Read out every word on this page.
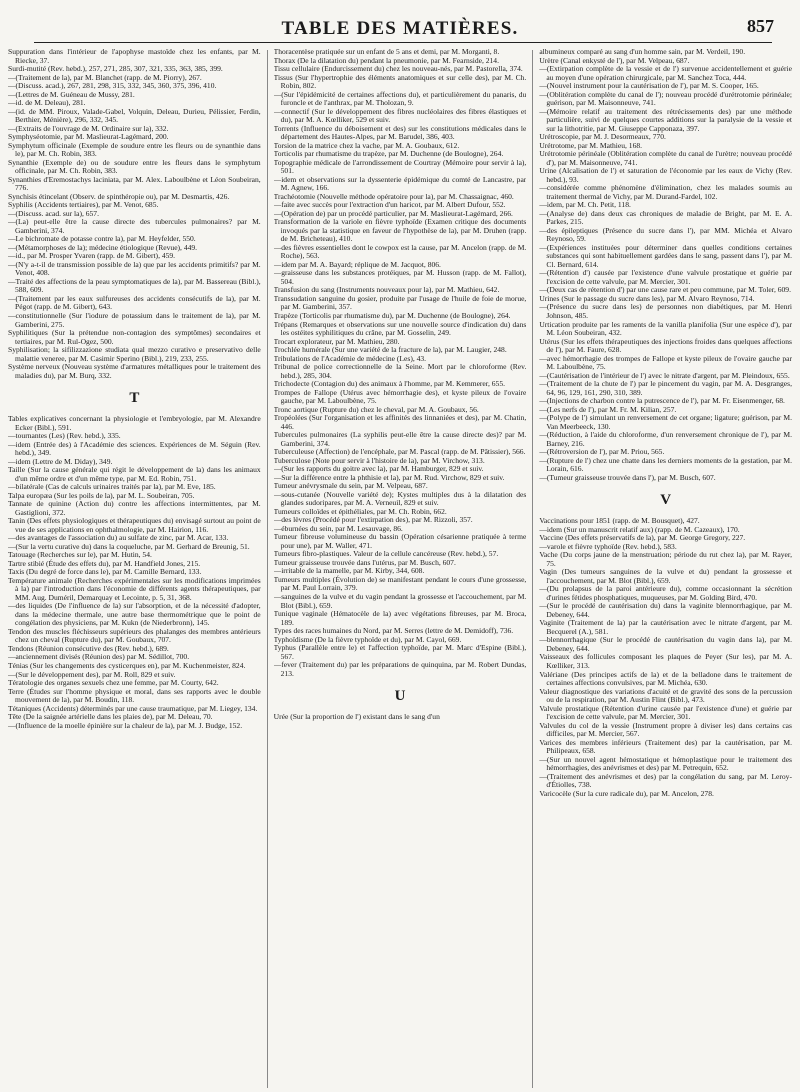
TABLE DES MATIÈRES.	857

Suppuration dans l'intérieur de l'apophyse mastoïde chez les enfants, par M. Riecke, 37.

Surdi-mutité (Rev. hebd.), 257, 271, 285, 307, 321, 335, 363, 385, 399.

—(Traitement de la), par M. Blanchet (rapp. de M. Piorry), 267.

—(Discuss. acad.), 267, 281, 298, 315, 332, 345, 360, 375, 396, 410.

—(Lettres de M. Guéneau de Mussy, 281.

—id. de M. Deleau), 281.

—(id. de MM. Piroux, Valade-Gabel, Volquin, Deleau, Durieu, Pélissier, Ferdin, Berthier, Ménière), 296, 332, 345.

—(Extraits de l'ouvrage de M. Ordinaire sur la), 332.

Symphyséotomie, par M. Maslieurat-Lagémard, 200.

Symphytum officinale (Exemple de soudure entre les fleurs ou de synanthie dans le), par M. Ch. Robin, 383.

Synanthie (Exemple de) ou de soudure entre les fleurs dans le symphytum officinale, par M. Ch. Robin, 383.

Synanthies d'Eremostachys laciniata, par M. Alex. Laboulbène et Léon Soubeiran, 776.

Synchisis étincelant (Observ. de spinthéropie ou), par M. Desmartis, 426.

Syphilis (Accidents tertiaires), par M. Venot, 685.

—(Discuss. acad. sur la), 657.

—(La) peut-elle être la cause directe des tubercules pulmonaires? par M. Gamberini, 374.

—Le bichromate de potasse contre la), par M. Heyfelder, 550.

—(Métamorphoses de la); médecine étiologique (Revue), 449.

—id., par M. Prosper Yvaren (rapp. de M. Gibert), 459.

—(N'y a-t-il de transmission possible de la) que par les accidents primitifs? par M. Venot, 408.

—Traité des affections de la peau symptomatiques de la), par M. Bassereau (Bibl.), 588, 609.

—(Traitement par les eaux sulfureuses des accidents consécutifs de la), par M. Pégot (rapp. de M. Gibert), 643.

—constitutionnelle (Sur l'iodure de potassium dans le traitement de la), par M. Gamberini, 275.

Syphilitiques (Sur la prétendue non-contagion des symptômes) secondaires et tertiaires, par M. Rul-Ogez, 500.

Syphilisation; la sifilizzazione studiata qual mezzo curativo e preservativo delle malattie veneree, par M. Casimir Sperino (Bibl.), 219, 233, 255.

Système nerveux (Nouveau système d'armatures métalliques pour le traitement des maladies du), par M. Burq, 332.

T

Tables explicatives concernant la physiologie et l'embryologie, par M. Alexandre Ecker (Bibl.), 591.

—tournantes (Les) (Rev. hebd.), 335.

—idem (Entrée des) à l'Académie des sciences. Expériences de M. Séguin (Rev. hebd.), 349.

—idem (Lettre de M. Diday), 349.

Taille (Sur la cause générale qui régit le développement de la) dans les animaux d'un même ordre et d'un même type, par M. Ed. Robin, 751.

—bilatérale (Cas de calculs urinaires traités par la), par M. Eve, 185.

Talpa europæa (Sur les poils de la), par M. L. Soubeiran, 705.

Tannate de quinine (Action du) contre les affections intermittentes, par M. Gastiglioni, 372.

Tanin (Des effets physiologiques et thérapeutiques du) envisagé surtout au point de vue de ses applications en ophthalmologie, par M. Hairion, 116.

—des avantages de l'association du) au sulfate de zinc, par M. Acar, 133.

—(Sur la vertu curative du) dans la coqueluche, par M. Gerhard de Breunig, 51.

Tatouage (Recherches sur le), par M. Hutin, 54.

Tartre stibié (Étude des effets du), par M. Handfield Jones, 215.

Taxis (Du degré de force dans le), par M. Camille Bernard, 133.

Température animale (Recherches expérimentales sur les modifications imprimées à la) par l'introduction dans l'économie de différents agents thérapeutiques, par MM. Aug. Duméril, Demarquay et Lecointe, p. 5, 31, 368.

—des liquides (De l'influence de la) sur l'absorption, et de la nécessité d'adopter, dans la médecine thermale, une autre base thermométrique que le point de congélation des physiciens, par M. Kukn (de Niederbronn), 145.

Tendon des muscles fléchisseurs supérieurs des phalanges des membres antérieurs chez un cheval (Rupture du), par M. Goubaux, 707.

Tendons (Réunion consécutive des (Rev. hebd.), 689.

—anciennement divisés (Réunion des) par M. Sédillot, 700.

Ténias (Sur les changements des cysticerques en), par M. Kuchenmeister, 824.

—(Sur le développement des), par M. Roll, 829 et suiv.

Tératologie des organes sexuels chez une femme, par M. Courty, 642.

Terre (Études sur l'homme physique et moral, dans ses rapports avec le double mouvement de la), par M. Boudin, 118.

Tétaniques (Accidents) déterminés par une cause traumatique, par M. Liegey, 134.

Tête (De la saignée artérielle dans les plaies de), par M. Deleau, 70.

—(Influence de la moelle épinière sur la chaleur de la), par M. J. Budge, 152.

Thoracentèse pratiquée sur un enfant de 5 ans et demi, par M. Morganti, 8.

Thorax (De la dilatation du) pendant la pneumonie, par M. Fearnside, 214.

Tissu cellulaire (Endurcissement du) chez les nouveau-nés, par M. Pastorella, 374.

Tissus (Sur l'hypertrophie des éléments anatomiques et sur celle des), par M. Ch. Robin, 802.

—(Sur l'épidémicité de certaines affections du), et particulièrement du panaris, du furoncle et de l'anthrax, par M. Tholozan, 9.

—connectif (Sur le développement des fibres nucléolaires des fibres élastiques et du), par M. A. Kœlliker, 529 et suiv.

Torrents (Influence du déboisement et des) sur les constitutions médicales dans le département des Hautes-Alpes, par M. Barudel, 386, 403.

Torsion de la matrice chez la vache, par M. A. Goubaux, 612.

Torticolis par rhumatisme du trapèze, par M. Duchenne (de Boulogne), 264.

Topographie médicale de l'arrondissement de Courtray (Mémoire pour servir à la), 501.

—idem et observations sur la dyssenterie épidémique du comté de Lancastre, par M. Agnew, 166.

Trachéotomie (Nouvelle méthode opératoire pour la), par M. Chassaignac, 460.

—faite avec succès pour l'extraction d'un haricot, par M. Albert Dufour, 552.

—(Opération de) par un procédé particulier, par M. Maslieurat-Lagémard, 266.

Transformation de la variole en fièvre typhoïde (Examen critique des documents invoqués par la statistique en faveur de l'hypothèse de la), par M. Druhen (rapp. de M. Bricheteau), 410.

—des fièvres essentielles dont le cowpox est la cause, par M. Ancelon (rapp. de M. Roche), 563.

—idem par M. A. Bayard; réplique de M. Jacquot, 806.

—graisseuse dans les substances protéiques, par M. Husson (rapp. de M. Fallot), 504.

Transfusion du sang (Instruments nouveaux pour la), par M. Mathieu, 642.

Transsudation sanguine du gosier, produite par l'usage de l'huile de foie de morue, par M. Gamberini, 357.

Trapèze (Torticolis par rhumatisme du), par M. Duchenne (de Boulogne), 264.

Trépans (Remarques et observations sur une nouvelle source d'indication du) dans les ostéites syphilitiques du crâne, par M. Gosselin, 249.

Trocart explorateur, par M. Mathieu, 280.

Trochlée humérale (Sur une variété de la fracture de la), par M. Laugier, 248.

Tribulations de l'Académie de médecine (Les), 43.

Tribunal de police correctionnelle de la Seine. Mort par le chloroforme (Rev. hebd.), 285, 304.

Trichodecte (Contagion du) des animaux à l'homme, par M. Kemmerer, 655.

Trompes de Fallope (Utérus avec hémorrhagie des), et kyste pileux de l'ovaire gauche, par M. Laboulbène, 75.

Tronc aortique (Rupture du) chez le cheval, par M. A. Goubaux, 56.

Tropéolées (Sur l'organisation et les affinités des linnaniées et des), par M. Chatin, 446.

Tubercules pulmonaires (La syphilis peut-elle être la cause directe des)? par M. Gamberini, 374.

Tuberculeuse (Affection) de l'encéphale, par M. Pascal (rapp. de M. Pâtissier), 566.

Tuberculose (Note pour servir à l'histoire de la), par M. Virchow, 313.

—(Sur les rapports du goitre avec la), par M. Hamburger, 829 et suiv.

—Sur la différence entre la phthisie et la), par M. Rud. Virchow, 829 et suiv.

Tumeur anévrysmale du sein, par M. Velpeau, 687.

—sous-cutanée (Nouvelle variété de); Kystes multiples dus à la dilatation des glandes sudoripares, par M. A. Verneuil, 829 et suiv.

Tumeurs colloïdes et épithéliales, par M. Ch. Robin, 662.

—des lèvres (Procédé pour l'extirpation des), par M. Rizzoli, 357.

—éburnées du sein, par M. Lesauvage, 86.

Tumeur fibreuse volumineuse du bassin (Opération césarienne pratiquée à terme pour une), par M. Waller, 471.

Tumeurs fibro-plastiques. Valeur de la cellule cancéreuse (Rev. hebd.), 57.

Tumeur graisseuse trouvée dans l'utérus, par M. Busch, 607.

—irritable de la mamelle, par M. Kirby, 344, 608.

Tumeurs multiples (Évolution de) se manifestant pendant le cours d'une grossesse, par M. Paul Lorrain, 379.

—sanguines de la vulve et du vagin pendant la grossesse et l'accouchement, par M. Blot (Bibl.), 659.

Tunique vaginale (Hématocèle de la) avec végétations fibreuses, par M. Broca, 189.

Types des races humaines du Nord, par M. Serres (lettre de M. Demidoff), 736.

Typhoïdisme (De la fièvre typhoïde et du), par M. Cayol, 669.

Typhus (Parallèle entre le) et l'affection typhoïde, par M. Marc d'Espine (Bibl.), 567.

—fever (Traitement du) par les préparations de quinquina, par M. Robert Dundas, 213.

U

Urée (Sur la proportion de l') existant dans le sang d'un

albumineux comparé au sang d'un homme sain, par M. Verdeil, 190.

Urètre (Canal enkysté de l'), par M. Velpeau, 687.

—(Extirpation complète de la vessie et de l') survenue accidentellement et guérie au moyen d'une opération chirurgicale, par M. Sanchez Toca, 444.

—(Nouvel instrument pour la cautérisation de l'), par M. S. Cooper, 165.

—(Oblitération complète du canal de l'); nouveau procédé d'urétrotomie périnéale; guérison, par M. Maisonneuve, 741.

—(Mémoire relatif au traitement des rétrécissements des) par une méthode particulière, suivi de quelques courtes additions sur la paralysie de la vessie et sur la lithotritie, par M. Giuseppe Capponaza, 397.

Urétroscopie, par M. J. Desormeaux, 770.

Urétrotome, par M. Mathieu, 168.

Urétrotomie périnéale (Oblitération complète du canal de l'urètre; nouveau procédé d'), par M. Maisonneuve, 741.

Urine (Alcalisation de l') et saturation de l'économie par les eaux de Vichy (Rev. hebd.), 93.

—considérée comme phénomène d'élimination, chez les malades soumis au traitement thermal de Vichy, par M. Durand-Fardel, 102.

—idem, par M. Ch. Petit, 118.

—(Analyse de) dans deux cas chroniques de maladie de Bright, par M. E. A. Parkes, 215.

—des épileptiques (Présence du sucre dans l'), par MM. Michéa et Alvaro Reynoso, 59.

—(Expériences instituées pour déterminer dans quelles conditions certaines substances qui sont habituellement gardées dans le sang, passent dans l'), par M. Cl. Bernard, 614.

—(Rétention d') causée par l'existence d'une valvule prostatique et guérie par l'excision de cette valvule, par M. Mercier, 301.

—(Deux cas de rétention d') par une cause rare et peu commune, par M. Toler, 609.

Urines (Sur le passage du sucre dans les), par M. Alvaro Reynoso, 714.

—(Présence du sucre dans les) de personnes non diabétiques, par M. Henri Johnson, 485.

Urtication produite par les raments de la vanilla planifolia (Sur une espèce d'), par M. Léon Soubeiran, 432.

Utérus (Sur les effets thérapeutiques des injections froides dans quelques affections de l'), par M. Faure, 628.

—avec hémorrhagie des trompes de Fallope et kyste pileux de l'ovaire gauche par M. Laboulbène, 75.

—(Cautérisation de l'intérieur de l') avec le nitrate d'argent, par M. Pleindoux, 655.

—(Traitement de la chute de l') par le pincement du vagin, par M. A. Desgranges, 64, 96, 129, 161, 290, 310, 389.

—(Injections de charbon contre la putrescence de l'), par M. Fr. Eisenmenger, 68.

—(Les nerfs de l'), par M. Fr. M. Kilian, 257.

—(Polype de l') simulant un renversement de cet organe; ligature; guérison, par M. Van Meerbeeck, 130.

—(Réduction, à l'aide du chloroforme, d'un renversement chronique de l'), par M. Barney, 216.

—(Rétroversion de l'), par M. Priou, 565.

—(Rupture de l') chez une chatte dans les derniers moments de la gestation, par M. Lorain, 616.

—(Tumeur graisseuse trouvée dans l'), par M. Busch, 607.

V

Vaccinations pour 1851 (rapp. de M. Bousquet), 427.

—idem (Sur un manuscrit relatif aux) (rapp. de M. Cazeaux), 170.

Vaccine (Des effets préservatifs de la), par M. George Gregory, 227.

—varole et fièvre typhoïde (Rev. hebd.), 583.

Vache (Du corps jaune de la menstruation; période du rut chez la), par M. Rayer, 75.

Vagin (Des tumeurs sanguines de la vulve et du) pendant la grossesse et l'accouchement, par M. Blot (Bibl.), 659.

—(Du prolapsus de la paroi antérieure du), comme occasionnant la sécrétion d'urines fétides phosphatiques, muqueuses, par M. Golding Bird, 470.

—(Sur le procédé de cautérisation du) dans la vaginite blennorrhagique, par M. Debeney, 644.

Vaginite (Traitement de la) par la cautérisation avec le nitrate d'argent, par M. Becquerel (A.), 581.

—blennorrhagique (Sur le procédé de cautérisation du vagin dans la), par M. Debeney, 644.

Vaisseaux des follicules composant les plaques de Peyer (Sur les), par M. A. Kœlliker, 313.

Valériane (Des principes actifs de la) et de la belladone dans le traitement de certaines affections convulsives, par M. Michéa, 630.

Valeur diagnostique des variations d'acuité et de gravité des sons de la percussion ou de la respiration, par M. Austin Flint (Bibl.), 473.

Valvule prostatique (Rétention d'urine causée par l'existence d'une) et guérie par l'excision de cette valvule, par M. Mercier, 301.

Valvules du col de la vessie (Instrument propre à diviser les) dans certains cas difficiles, par M. Mercier, 567.

Varices des membres inférieurs (Traitement des) par la cautérisation, par M. Philipeaux, 658.

—(Sur un nouvel agent hémostatique et hémoplastique pour le traitement des hémorrhagies, des anévrismes et des) par M. Petrequin, 652.

—(Traitement des anévrismes et des) par la congélation du sang, par M. Leroy-d'Étiolles, 738.

Varicocèle (Sur la cure radicale du), par M. Ancelon, 278.
